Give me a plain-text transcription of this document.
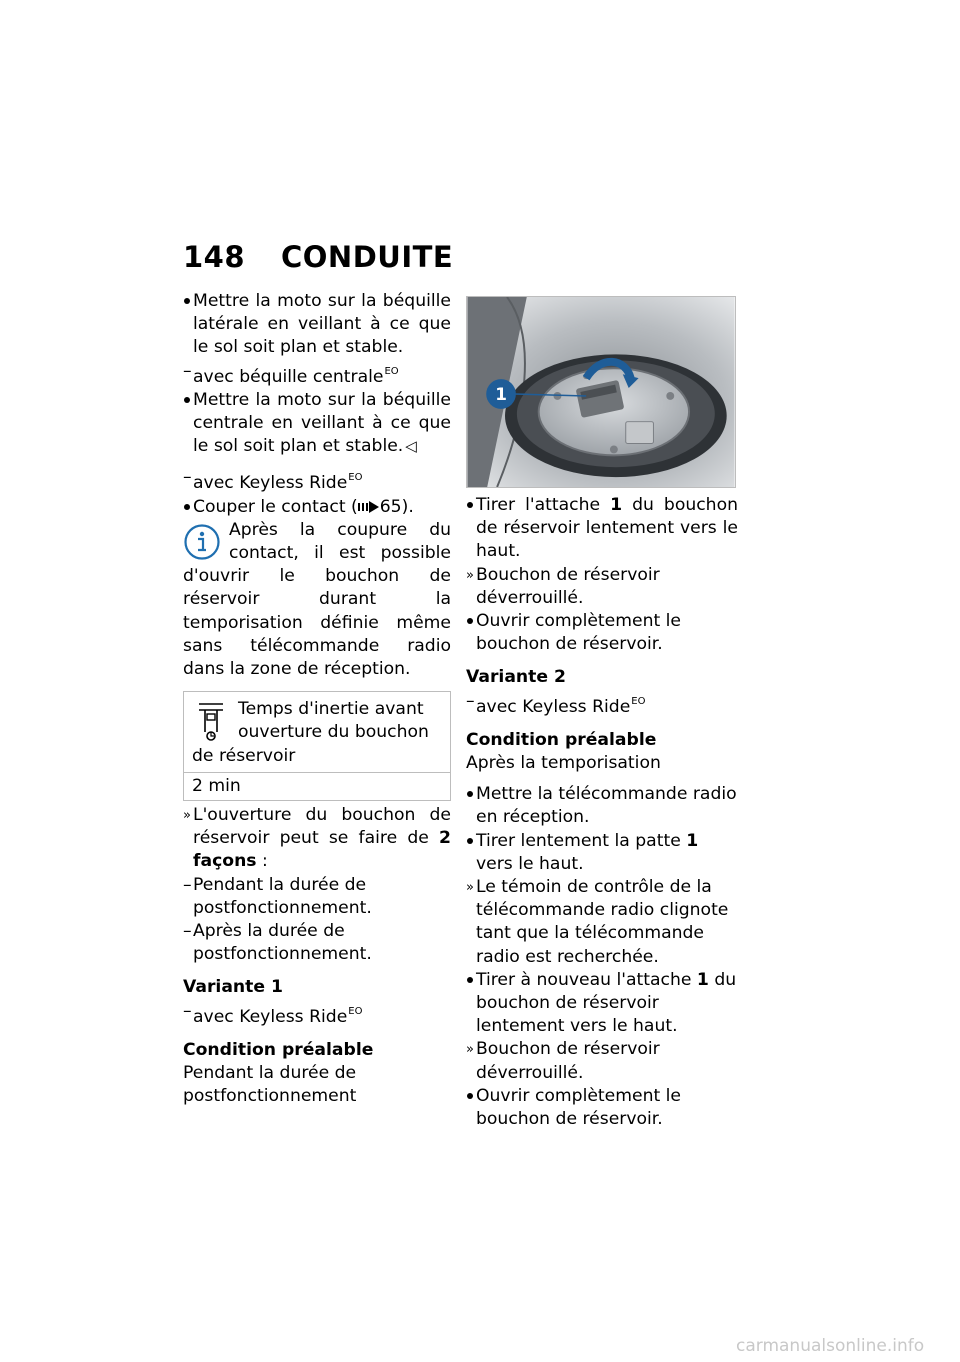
148 CONDUITE
Mettre la moto sur la béquille latérale en veillant à ce que le sol soit plan et stable.
– avec béquille centrale$^{EO}$
Mettre la moto sur la béquille centrale en veillant à ce que le sol soit plan et stable. ◁
– avec Keyless Ride$^{EO}$
Couper le contact ( 65).
Après la coupure du contact, il est possible d'ouvrir le bouchon de réservoir durant la temporisation définie même sans télécommande radio dans la zone de réception.
Temps d'inertie avant ouverture du bouchon de réservoir
2 min
» L'ouverture du bouchon de réservoir peut se faire de 2 façons :
– Pendant la durée de postfonctionnement.
– Après la durée de postfonctionnement.
Variante 1
– avec Keyless Ride$^{EO}$
Condition préalable
Pendant la durée de postfonctionnement
1
Tirer l'attache 1 du bouchon de réservoir lentement vers le haut.
» Bouchon de réservoir déverrouillé.
Ouvrir complètement le bouchon de réservoir.
Variante 2
– avec Keyless Ride$^{EO}$
Condition préalable
Après la temporisation
Mettre la télécommande radio en réception.
Tirer lentement la patte 1 vers le haut.
» Le témoin de contrôle de la télécommande radio clignote tant que la télécommande radio est recherchée.
Tirer à nouveau l'attache 1 du bouchon de réservoir lentement vers le haut.
» Bouchon de réservoir déverrouillé.
Ouvrir complètement le bouchon de réservoir.
carmanualsonline.info
